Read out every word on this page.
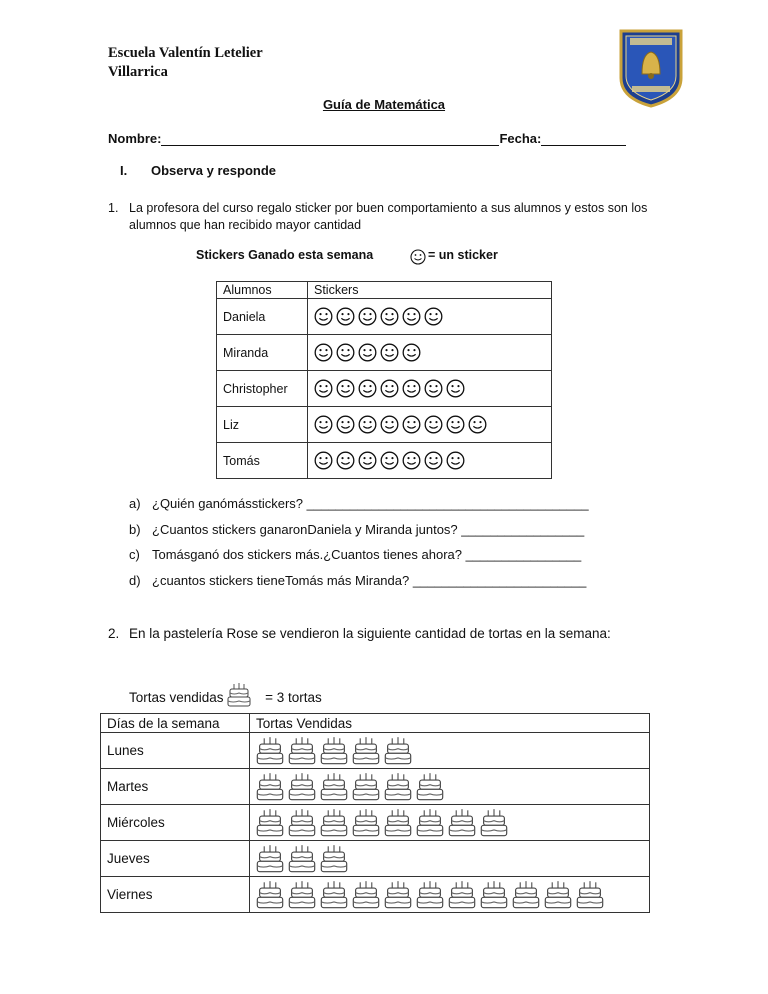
Escuela Valentín Letelier
Villarrica
Guía de Matemática
Nombre:	Fecha:
I. Observa y responde
1. La profesora del curso regalo sticker por buen comportamiento a sus alumnos y estos son los alumnos que han recibido mayor cantidad
Stickers Ganado esta semana	= un sticker
Alumnos	Stickers
Daniela	

Miranda	

Christopher	

Liz	

Tomás	
a) ¿Quién ganómásstickers? _______________________________________
b) ¿Cuantos stickers ganaronDaniela y Miranda juntos? _________________
c) Tomásganó dos stickers más.¿Cuantos tienes ahora? ________________
d) ¿cuantos stickers tieneTomás más Miranda? ________________________
2. En la pastelería Rose se vendieron la siguiente cantidad de tortas en la semana:
Tortas vendidas	= 3 tortas
Días de la semana	Tortas Vendidas
Lunes	

Martes	

Miércoles	

Jueves	

Viernes	
